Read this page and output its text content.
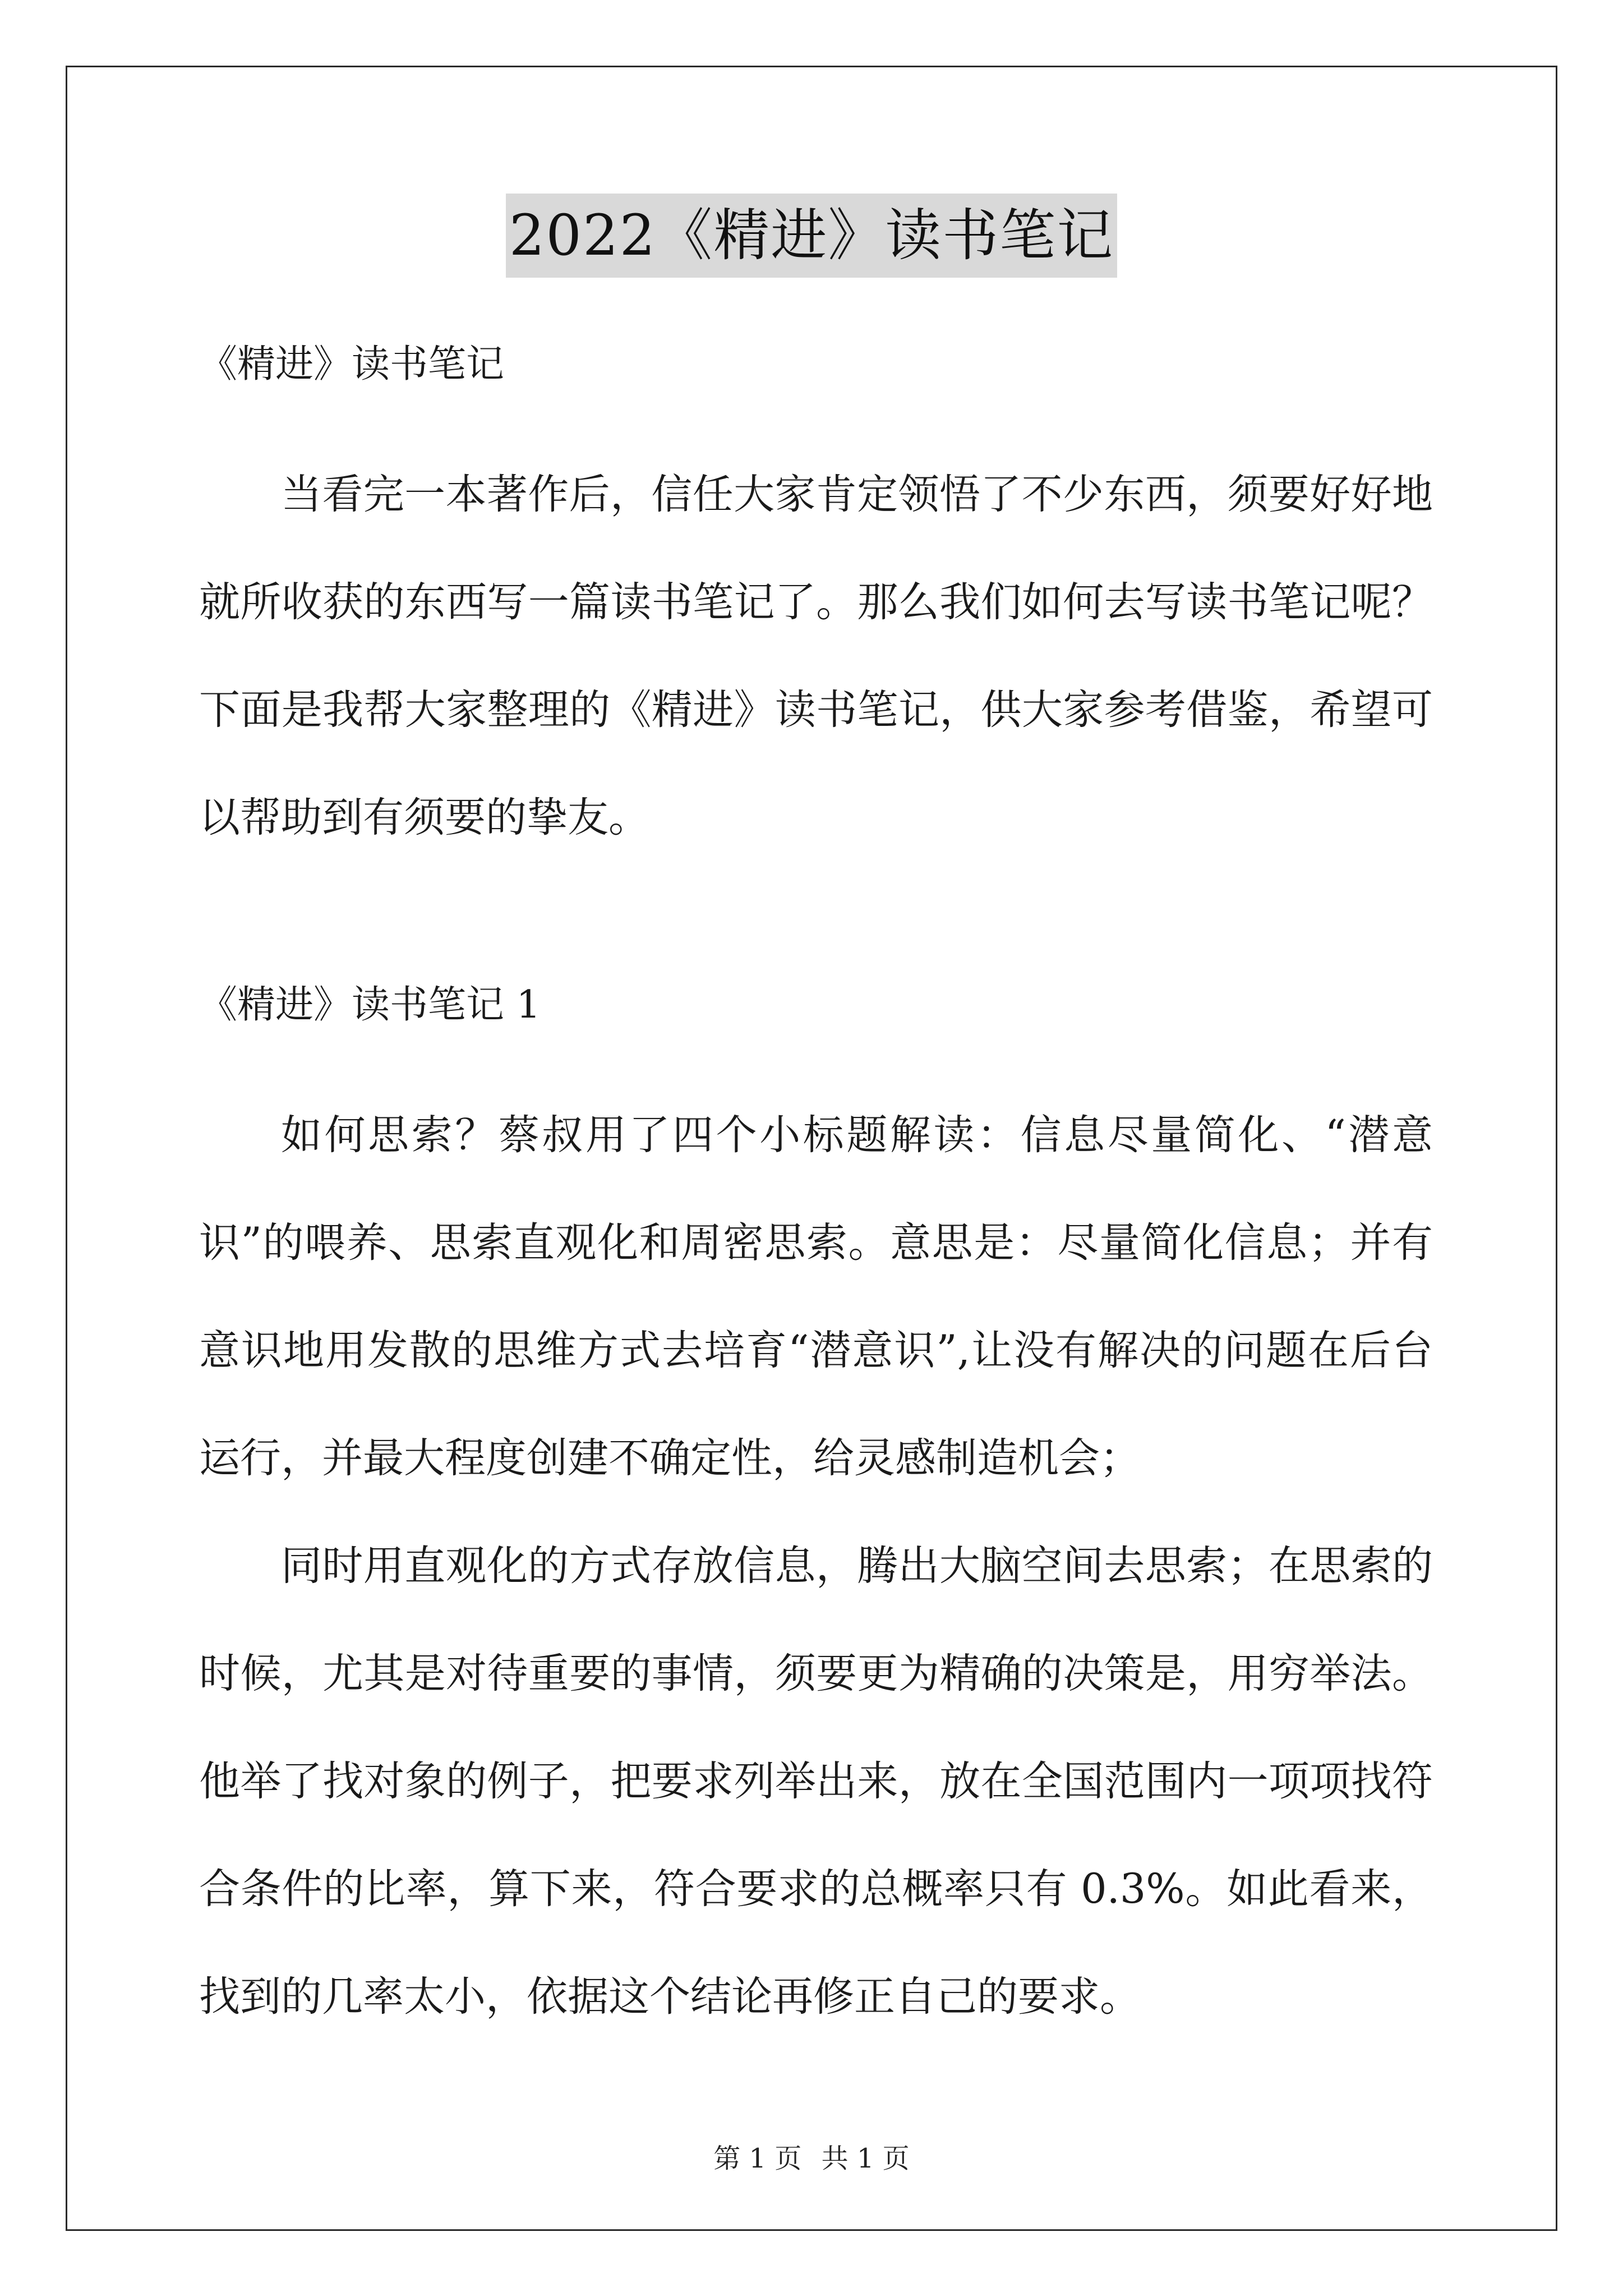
2022《精进》读书笔记
《精进》读书笔记

当看完一本著作后，信任大家肯定领悟了不少东西，须要好好地就所收获的东西写一篇读书笔记了。那么我们如何去写读书笔记呢？下面是我帮大家整理的《精进》读书笔记，供大家参考借鉴，希望可以帮助到有须要的挚友。

《精进》读书笔记 1

如何思索？蔡叔用了四个小标题解读：信息尽量简化、“潜意识”的喂养、思索直观化和周密思索。意思是：尽量简化信息；并有意识地用发散的思维方式去培育“潜意识”,让没有解决的问题在后台运行，并最大程度创建不确定性，给灵感制造机会；

同时用直观化的方式存放信息，腾出大脑空间去思索；在思索的时候，尤其是对待重要的事情，须要更为精确的决策是，用穷举法。他举了找对象的例子，把要求列举出来，放在全国范围内一项项找符合条件的比率，算下来，符合要求的总概率只有 0.3%。如此看来，找到的几率太小，依据这个结论再修正自己的要求。

第 1 页 共 1 页
